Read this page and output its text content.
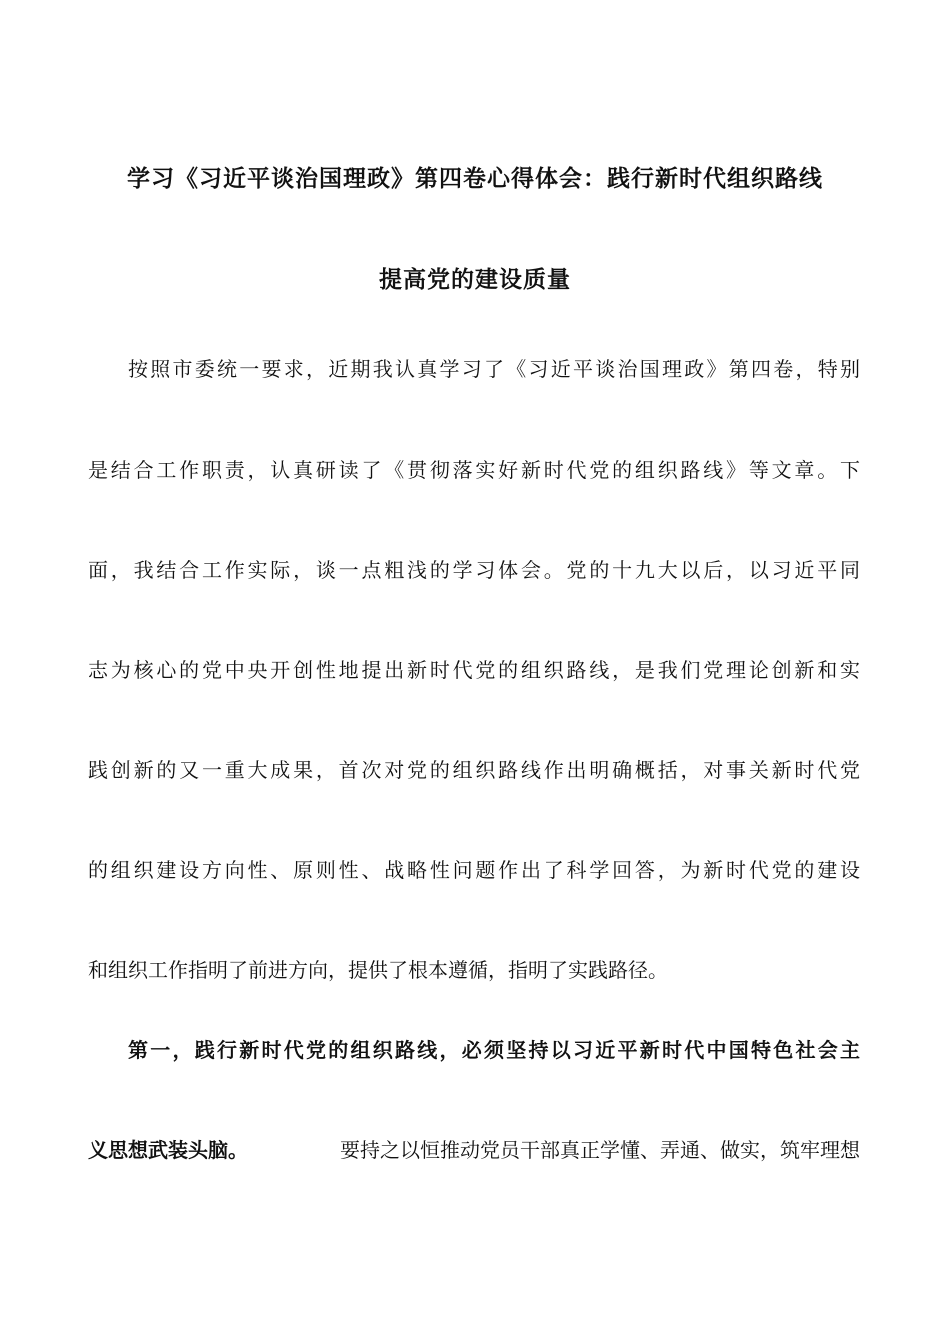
学习《习近平谈治国理政》第四卷心得体会：践行新时代组织路线
提高党的建设质量
按照市委统一要求，近期我认真学习了《习近平谈治国理政》第四卷，特别
是结合工作职责，认真研读了《贯彻落实好新时代党的组织路线》等文章。下
面，我结合工作实际，谈一点粗浅的学习体会。党的十九大以后，以习近平同
志为核心的党中央开创性地提出新时代党的组织路线，是我们党理论创新和实
践创新的又一重大成果，首次对党的组织路线作出明确概括，对事关新时代党
的组织建设方向性、原则性、战略性问题作出了科学回答，为新时代党的建设
和组织工作指明了前进方向，提供了根本遵循，指明了实践路径。
第一，践行新时代党的组织路线，必须坚持以习近平新时代中国特色社会主
义思想武装头脑。	要持之以恒推动党员干部真正学懂、弄通、做实，筑牢理想
